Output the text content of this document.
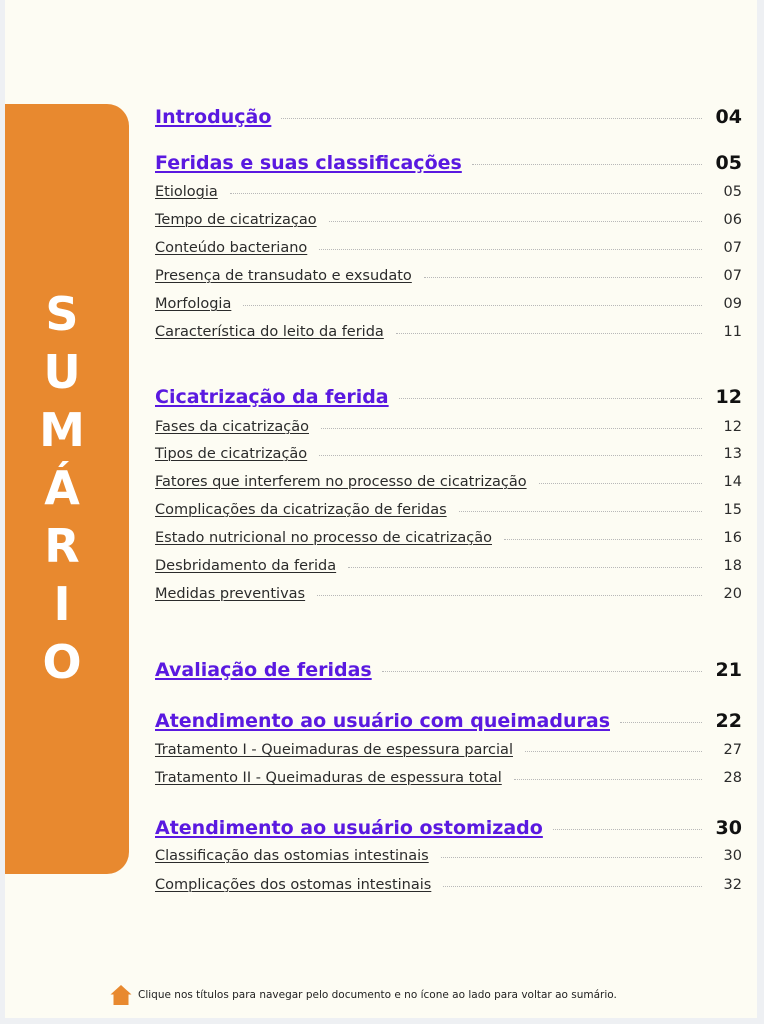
S
U
M
Á
R
I
O
Introdução	04
Feridas e suas classificações	05
Etiologia	05
Tempo de cicatrizaçao	06
Conteúdo bacteriano	07
Presença de transudato e exsudato	07
Morfologia	09
Característica do leito da ferida	11
Cicatrização da ferida	12
Fases da cicatrização	12
Tipos de cicatrização	13
Fatores que interferem no processo de cicatrização	14
Complicações da cicatrização de feridas	15
Estado nutricional no processo de cicatrização	16
Desbridamento da ferida	18
Medidas preventivas	20
Avaliação de feridas	21
Atendimento ao usuário com queimaduras	22
Tratamento I - Queimaduras de espessura parcial	27
Tratamento II - Queimaduras de espessura total	28
Atendimento ao usuário ostomizado	30
Classificação das ostomias intestinais	30
Complicações dos ostomas intestinais	32
Clique nos títulos para navegar pelo documento e no ícone ao lado para voltar ao sumário.
